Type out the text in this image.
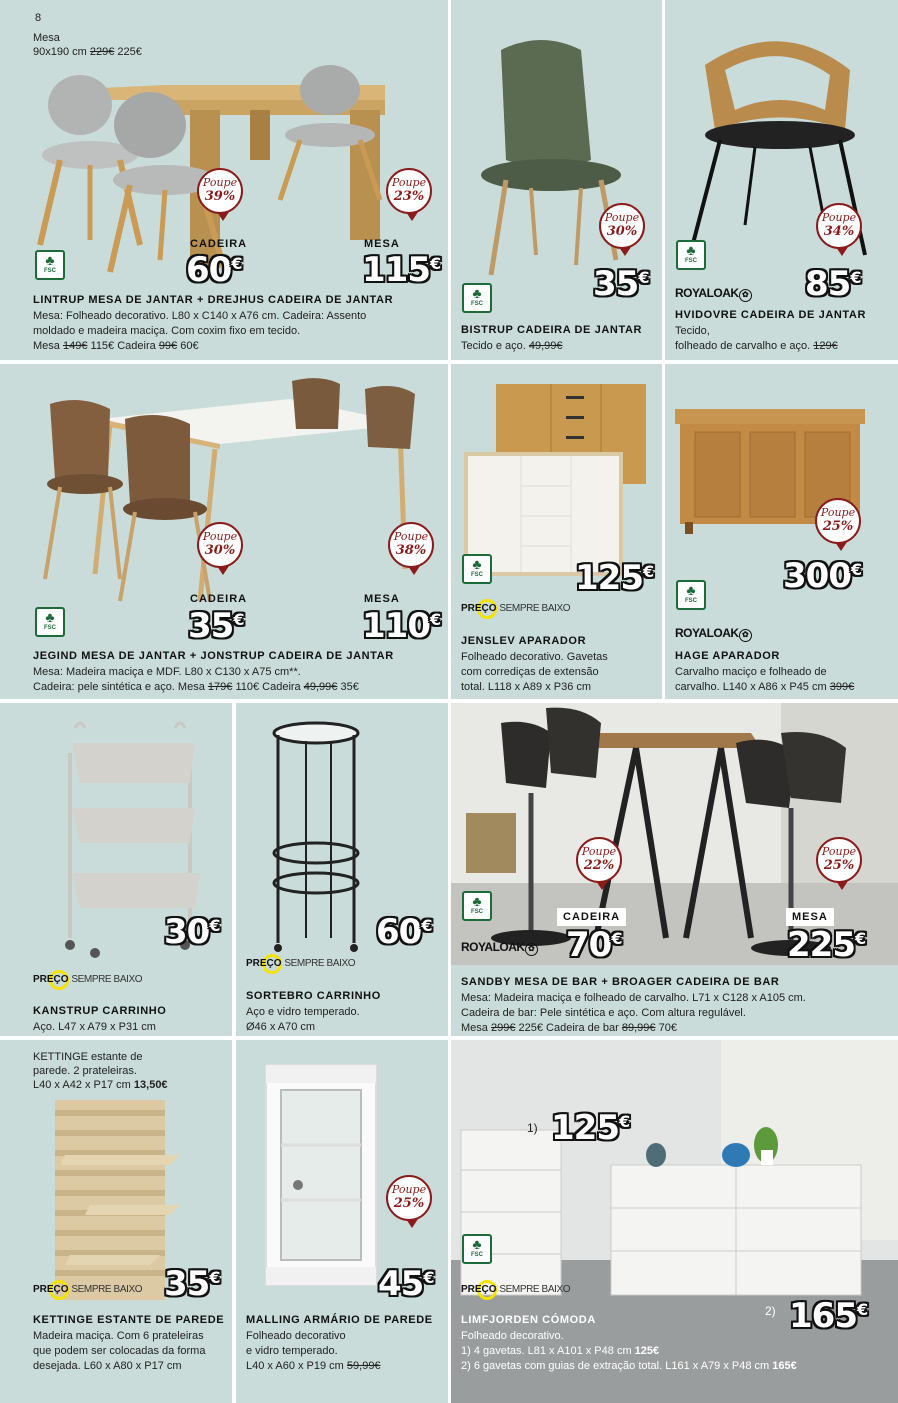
8
Mesa
90x190 cm 229€ 225€
Poupe
39%
Poupe
23%
CADEIRA	MESA
♣
FSC	60€	115€
LINTRUP MESA DE JANTAR + DREJHUS CADEIRA DE JANTAR
Mesa: Folheado decorativo. L80 x C140 x A76 cm. Cadeira: Assento
moldado e madeira maciça. Com coxim fixo em tecido.
Mesa 149€ 115€ Cadeira 99€ 60€
Poupe
30%
♣
FSC	35€
BISTRUP CADEIRA DE JANTAR
Tecido e aço. 49,99€
Poupe
34%
♣
FSC
ROYALOAK ✿ 85€
HVIDOVRE CADEIRA DE JANTAR
Tecido,
folheado de carvalho e aço. 129€
Poupe
30%
Poupe
38%
CADEIRA	MESA
♣
FSC	35€	110€
JEGIND MESA DE JANTAR + JONSTRUP CADEIRA DE JANTAR
Mesa: Madeira maciça e MDF. L80 x C130 x A75 cm**.
Cadeira: pele sintética e aço. Mesa 179€ 110€ Cadeira 49,99€ 35€
♣
FSC	125€
PREÇO SEMPRE BAIXO
JENSLEV APARADOR
Folheado decorativo. Gavetas
com corrediças de extensão
total. L118 x A89 x P36 cm
Poupe
25%
300€
♣
FSC
ROYALOAK ✿
HAGE APARADOR
Carvalho maciço e folheado de
carvalho. L140 x A86 x P45 cm 399€
30€
PREÇO SEMPRE BAIXO
KANSTRUP CARRINHO
Aço. L47 x A79 x P31 cm
60€
PREÇO SEMPRE BAIXO
SORTEBRO CARRINHO
Aço e vidro temperado.
Ø46 x A70 cm
Poupe
22%
Poupe
25%
♣
FSC	CADEIRA	MESA
ROYALOAK ✿ 70€	225€
SANDBY MESA DE BAR + BROAGER CADEIRA DE BAR
Mesa: Madeira maciça e folheado de carvalho. L71 x C128 x A105 cm.
Cadeira de bar: Pele sintética e aço. Com altura regulável.
Mesa 299€ 225€ Cadeira de bar 89,99€ 70€
KETTINGE estante de
parede. 2 prateleiras.
L40 x A42 x P17 cm 13,50€
35€
PREÇO SEMPRE BAIXO
KETTINGE ESTANTE DE PAREDE
Madeira maciça. Com 6 prateleiras
que podem ser colocadas da forma
desejada. L60 x A80 x P17 cm
Poupe
25%
45€
MALLING ARMÁRIO DE PAREDE
Folheado decorativo
e vidro temperado.
L40 x A60 x P19 cm 59,99€
1) 125€
♣
FSC
PREÇO SEMPRE BAIXO
2) 165€
LIMFJORDEN CÓMODA
Folheado decorativo.
1) 4 gavetas. L81 x A101 x P48 cm 125€
2) 6 gavetas com guias de extração total. L161 x A79 x P48 cm 165€
